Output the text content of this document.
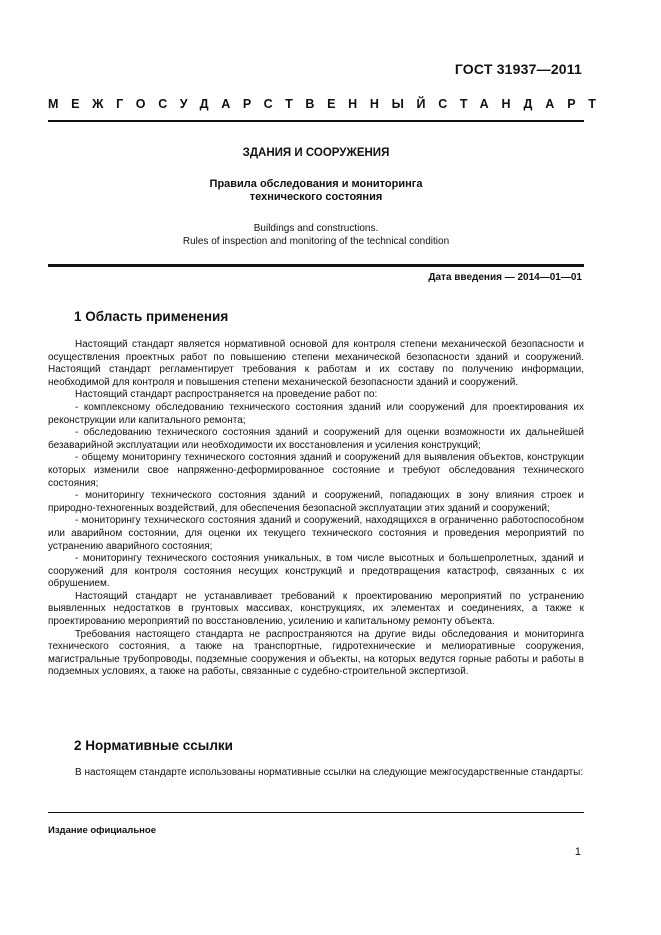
ГОСТ 31937—2011
МЕЖГОСУДАРСТВЕННЫЙ СТАНДАРТ
ЗДАНИЯ И СООРУЖЕНИЯ
Правила обследования и мониторинга
технического состояния
Buildings and constructions.
Rules of inspection and monitoring of the technical condition
Дата введения — 2014—01—01
1 Область применения

Настоящий стандарт является нормативной основой для контроля степени механической безопасности и осуществления проектных работ по повышению степени механической безопасности зданий и сооружений. Настоящий стандарт регламентирует требования к работам и их составу по получению информации, необходимой для контроля и повышения степени механической безопасности зданий и сооружений.

Настоящий стандарт распространяется на проведение работ по:

- комплексному обследованию технического состояния зданий или сооружений для проектирования их реконструкции или капитального ремонта;

- обследованию технического состояния зданий и сооружений для оценки возможности их дальнейшей безаварийной эксплуатации или необходимости их восстановления и усиления конструкций;

- общему мониторингу технического состояния зданий и сооружений для выявления объектов, конструкции которых изменили свое напряженно-деформированное состояние и требуют обследования технического состояния;

- мониторингу технического состояния зданий и сооружений, попадающих в зону влияния строек и природно-техногенных воздействий, для обеспечения безопасной эксплуатации этих зданий и сооружений;

- мониторингу технического состояния зданий и сооружений, находящихся в ограниченно работоспособном или аварийном состоянии, для оценки их текущего технического состояния и проведения мероприятий по устранению аварийного состояния;

- мониторингу технического состояния уникальных, в том числе высотных и большепролетных, зданий и сооружений для контроля состояния несущих конструкций и предотвращения катастроф, связанных с их обрушением.

Настоящий стандарт не устанавливает требований к проектированию мероприятий по устранению выявленных недостатков в грунтовых массивах, конструкциях, их элементах и соединениях, а также к проектированию мероприятий по восстановлению, усилению и капитальному ремонту объекта.

Требования настоящего стандарта не распространяются на другие виды обследования и мониторинга технического состояния, а также на транспортные, гидротехнические и мелиоративные сооружения, магистральные трубопроводы, подземные сооружения и объекты, на которых ведутся горные работы и работы в подземных условиях, а также на работы, связанные с судебно-строительной экспертизой.

2 Нормативные ссылки

В настоящем стандарте использованы нормативные ссылки на следующие межгосударственные стандарты:

Издание официальное
1
